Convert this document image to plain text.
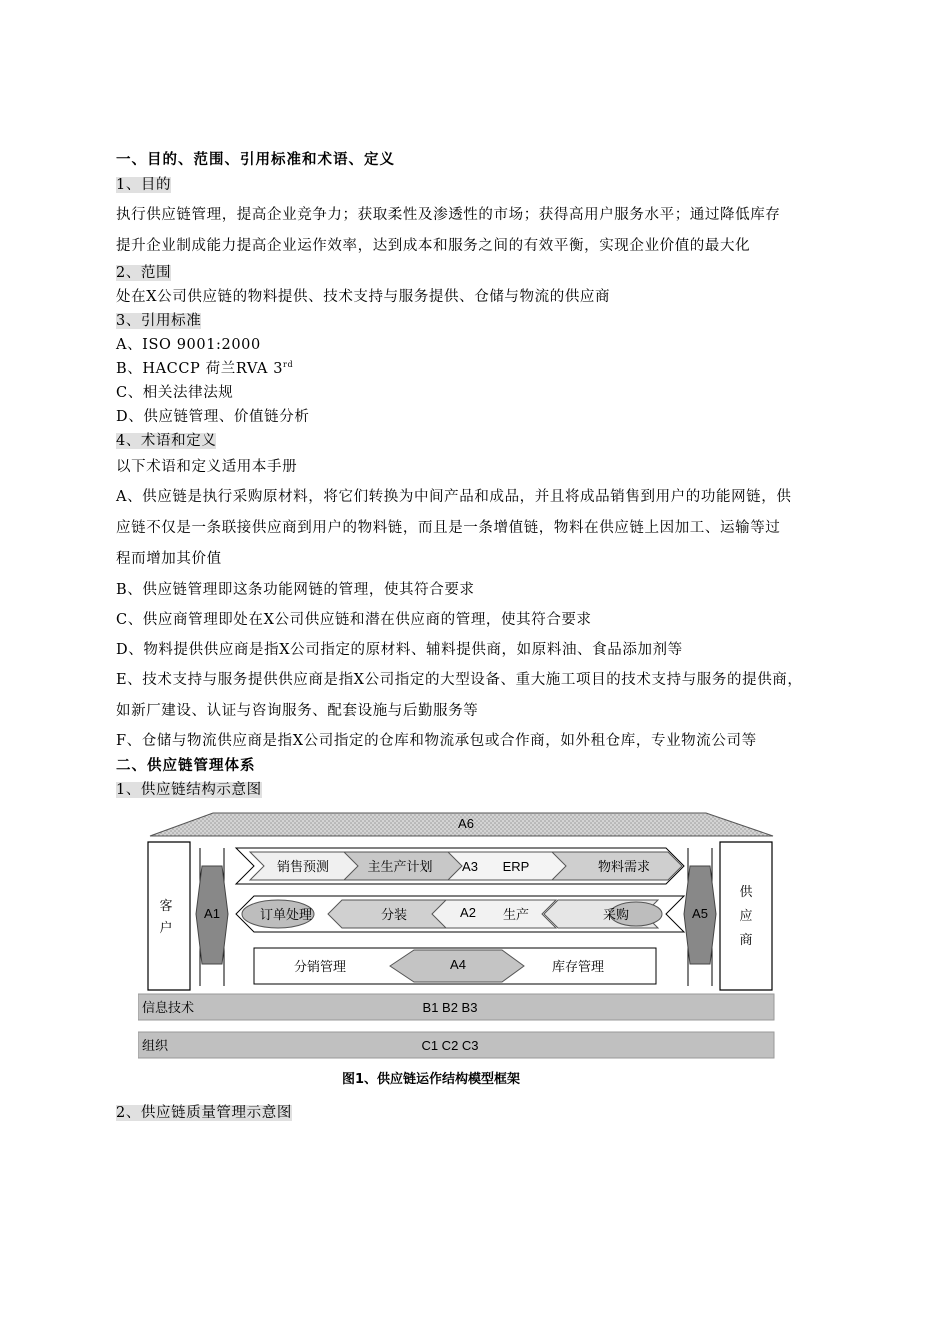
一、目的、范围、引用标准和术语、定义
1、目的
执行供应链管理，提高企业竞争力；获取柔性及渗透性的市场；获得高用户服务水平；通过降低库存
提升企业制成能力提高企业运作效率，达到成本和服务之间的有效平衡，实现企业价值的最大化
2、范围
处在X公司供应链的物料提供、技术支持与服务提供、仓储与物流的供应商
3、引用标准
A、ISO 9001:2000
B、HACCP 荷兰RVA 3rd
C、相关法律法规
D、供应链管理、价值链分析
4、术语和定义
以下术语和定义适用本手册
A、供应链是执行采购原材料，将它们转换为中间产品和成品，并且将成品销售到用户的功能网链，供
应链不仅是一条联接供应商到用户的物料链，而且是一条增值链，物料在供应链上因加工、运输等过
程而增加其价值
B、供应链管理即这条功能网链的管理，使其符合要求
C、供应商管理即处在X公司供应链和潜在供应商的管理，使其符合要求
D、物料提供供应商是指X公司指定的原材料、辅料提供商，如原料油、食品添加剂等
E、技术支持与服务提供供应商是指X公司指定的大型设备、重大施工项目的技术支持与服务的提供商，
如新厂建设、认证与咨询服务、配套设施与后勤服务等
F、仓储与物流供应商是指X公司指定的仓库和物流承包或合作商，如外租仓库，专业物流公司等
二、供应链管理体系
1、供应链结构示意图
A6
客
户
供
应
商
A1	A5
销售预测	主生产计划 A3 ERP	物料需求
订单处理	分装	A2 生产	采购
分销管理	A4	库存管理
信息技术	B1 B2 B3
组织	C1 C2 C3
图1、供应链运作结构模型框架
2、供应链质量管理示意图
